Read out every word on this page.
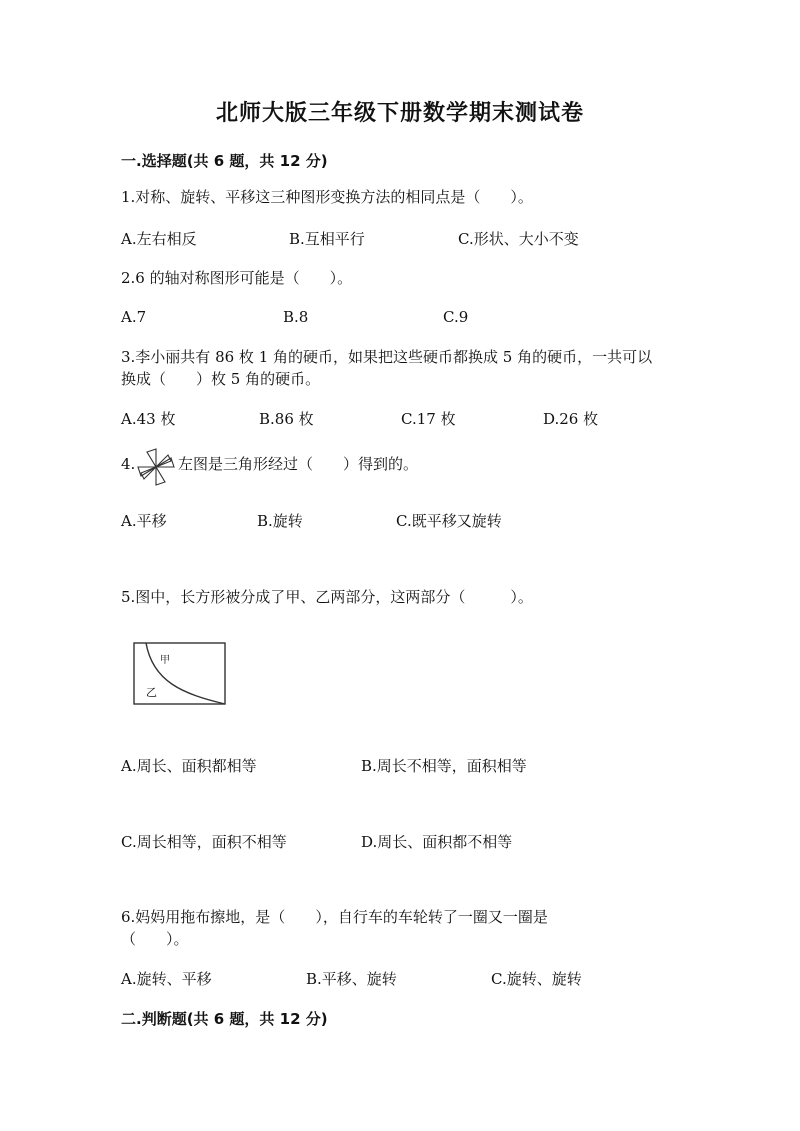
北师大版三年级下册数学期末测试卷
一.选择题(共 6 题，共 12 分)
1.对称、旋转、平移这三种图形变换方法的相同点是（　　）。
A.左右相反	B.互相平行	C.形状、大小不变
2.6 的轴对称图形可能是（　　）。
A.7	B.8	C.9
3.李小丽共有 86 枚 1 角的硬币，如果把这些硬币都换成 5 角的硬币，一共可以
换成（　　）枚 5 角的硬币。
A.43 枚	B.86 枚	C.17 枚	D.26 枚
4.	左图是三角形经过（　　）得到的。
A.平移	B.旋转	C.既平移又旋转
5.图中，长方形被分成了甲、乙两部分，这两部分（　　　）。
甲
乙
A.周长、面积都相等	B.周长不相等，面积相等
C.周长相等，面积不相等	D.周长、面积都不相等
6.妈妈用拖布擦地，是（　　），自行车的车轮转了一圈又一圈是
（　　）。
A.旋转、平移	B.平移、旋转	C.旋转、旋转
二.判断题(共 6 题，共 12 分)
